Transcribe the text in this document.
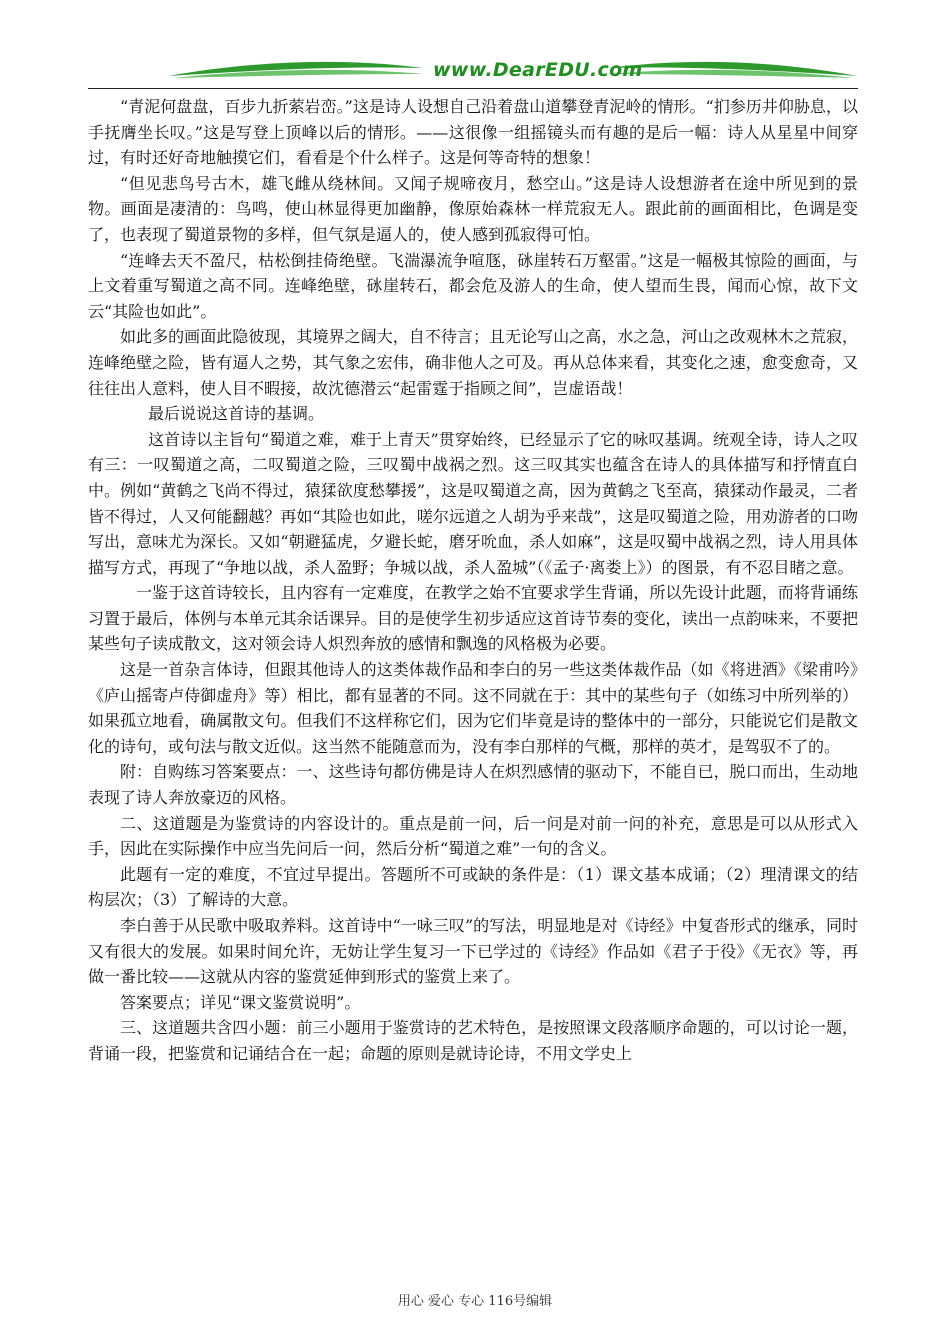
www.DearEDU.com

“青泥何盘盘，百步九折萦岩峦。”这是诗人设想自己沿着盘山道攀登青泥岭的情形。“扪参历井仰胁息，以手抚膺坐长叹。”这是写登上顶峰以后的情形。——这很像一组摇镜头而有趣的是后一幅：诗人从星星中间穿过，有时还好奇地触摸它们，看看是个什么样子。这是何等奇特的想象！

“但见悲鸟号古木，雄飞雌从绕林间。又闻子规啼夜月，愁空山。”这是诗人设想游者在途中所见到的景物。画面是凄清的：鸟鸣，使山林显得更加幽静，像原始森林一样荒寂无人。跟此前的画面相比，色调是变了，也表现了蜀道景物的多样，但气氛是逼人的，使人感到孤寂得可怕。

“连峰去天不盈尺，枯松倒挂倚绝壁。飞湍瀑流争喧豗，砯崖转石万壑雷。”这是一幅极其惊险的画面，与上文着重写蜀道之高不同。连峰绝壁，砯崖转石，都会危及游人的生命，使人望而生畏，闻而心惊，故下文云“其险也如此”。

如此多的画面此隐彼现，其境界之阔大，自不待言；且无论写山之高，水之急，河山之改观林木之荒寂，连峰绝壁之险，皆有逼人之势，其气象之宏伟，确非他人之可及。再从总体来看，其变化之速，愈变愈奇，又往往出人意料，使人目不暇接，故沈德潜云“起雷霆于指顾之间”，岂虚语哉！

最后说说这首诗的基调。

这首诗以主旨句“蜀道之难，难于上青天”贯穿始终，已经显示了它的咏叹基调。统观全诗，诗人之叹有三：一叹蜀道之高，二叹蜀道之险，三叹蜀中战祸之烈。这三叹其实也蕴含在诗人的具体描写和抒情直白中。例如“黄鹤之飞尚不得过，猿猱欲度愁攀援”，这是叹蜀道之高，因为黄鹤之飞至高，猿猱动作最灵，二者皆不得过，人又何能翻越？再如“其险也如此，嗟尔远道之人胡为乎来哉”，这是叹蜀道之险，用劝游者的口吻写出，意味尤为深长。又如“朝避猛虎，夕避长蛇，磨牙吮血，杀人如麻”，这是叹蜀中战祸之烈，诗人用具体描写方式，再现了“争地以战，杀人盈野；争城以战，杀人盈城”（《孟子·离娄上》）的图景，有不忍目睹之意。

一鉴于这首诗较长，且内容有一定难度，在教学之始不宜要求学生背诵，所以先设计此题，而将背诵练习置于最后，体例与本单元其余话课异。目的是使学生初步适应这首诗节奏的变化，读出一点韵味来，不要把某些句子读成散文，这对领会诗人炽烈奔放的感情和飘逸的风格极为必要。

这是一首杂言体诗，但跟其他诗人的这类体裁作品和李白的另一些这类体裁作品（如《将进酒》《梁甫吟》《庐山摇寄卢侍御虚舟》等）相比，都有显著的不同。这不同就在于：其中的某些句子（如练习中所列举的）如果孤立地看，确属散文句。但我们不这样称它们，因为它们毕竟是诗的整体中的一部分，只能说它们是散文化的诗句，或句法与散文近似。这当然不能随意而为，没有李白那样的气概，那样的英才，是驾驭不了的。

附：自购练习答案要点：一、这些诗句都仿佛是诗人在炽烈感情的驱动下，不能自已，脱口而出，生动地表现了诗人奔放豪迈的风格。

二、这道题是为鉴赏诗的内容设计的。重点是前一问，后一问是对前一问的补充，意思是可以从形式入手，因此在实际操作中应当先问后一问，然后分析“蜀道之难”一句的含义。

此题有一定的难度，不宜过早提出。答题所不可或缺的条件是：（1）课文基本成诵；（2）理清课文的结构层次；（3）了解诗的大意。

李白善于从民歌中吸取养料。这首诗中“一咏三叹”的写法，明显地是对《诗经》中复沓形式的继承，同时又有很大的发展。如果时间允许，无妨让学生复习一下已学过的《诗经》作品如《君子于役》《无衣》等，再做一番比较——这就从内容的鉴赏延伸到形式的鉴赏上来了。

答案要点；详见“课文鉴赏说明”。

三、这道题共含四小题：前三小题用于鉴赏诗的艺术特色，是按照课文段落顺序命题的，可以讨论一题，背诵一段，把鉴赏和记诵结合在一起；命题的原则是就诗论诗，不用文学史上

用心 爱心 专心 116号编辑
